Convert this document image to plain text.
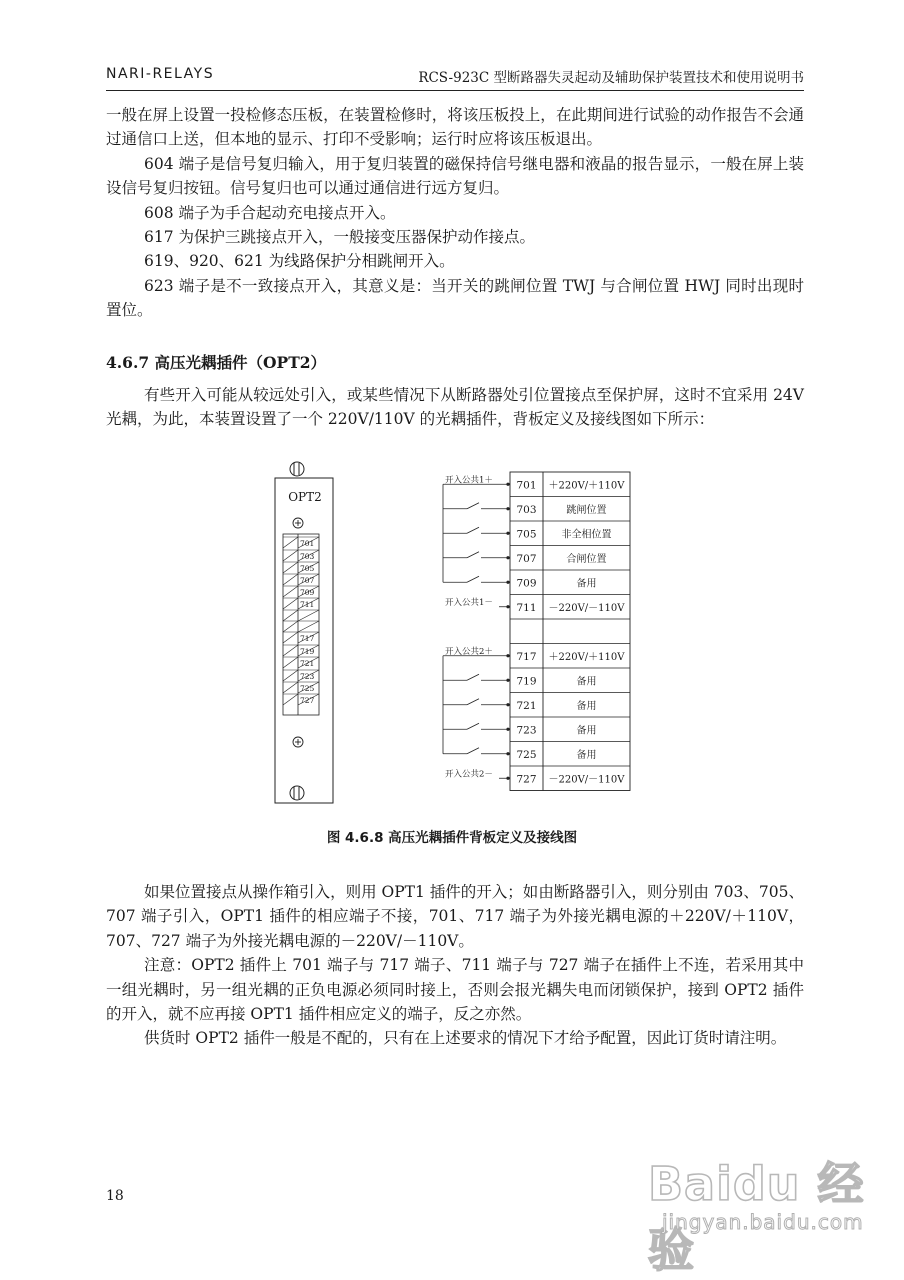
NARI-RELAYS	RCS-923C 型断路器失灵起动及辅助保护装置技术和使用说明书

一般在屏上设置一投检修态压板，在装置检修时，将该压板投上，在此期间进行试验的动作报告不会通过通信口上送，但本地的显示、打印不受影响；运行时应将该压板退出。

604 端子是信号复归输入，用于复归装置的磁保持信号继电器和液晶的报告显示，一般在屏上装设信号复归按钮。信号复归也可以通过通信进行远方复归。

608 端子为手合起动充电接点开入。

617 为保护三跳接点开入，一般接变压器保护动作接点。

619、920、621 为线路保护分相跳闸开入。

623 端子是不一致接点开入，其意义是：当开关的跳闸位置 TWJ 与合闸位置 HWJ 同时出现时置位。

4.6.7 高压光耦插件（OPT2）

有些开入可能从较远处引入，或某些情况下从断路器处引位置接点至保护屏，这时不宜采用 24V 光耦，为此，本装置设置了一个 220V/110V 的光耦插件，背板定义及接线图如下所示：

OPT2
701
703
705
707
709
711
717
719
721
723
725
727
701 ＋220V/＋110V
开入公共1＋
703	跳闸位置
705 非全相位置
707	合闸位置
709	备用
711 －220V/－110V
开入公共1－
717 ＋220V/＋110V
开入公共2＋
719	备用
721	备用
723	备用
725	备用
727 －220V/－110V
开入公共2－

图 4.6.8 高压光耦插件背板定义及接线图

如果位置接点从操作箱引入，则用 OPT1 插件的开入；如由断路器引入，则分别由 703、705、707 端子引入，OPT1 插件的相应端子不接，701、717 端子为外接光耦电源的＋220V/＋110V，707、727 端子为外接光耦电源的－220V/－110V。

注意：OPT2 插件上 701 端子与 717 端子、711 端子与 727 端子在插件上不连，若采用其中一组光耦时，另一组光耦的正负电源必须同时接上，否则会报光耦失电而闭锁保护，接到 OPT2 插件的开入，就不应再接 OPT1 插件相应定义的端子，反之亦然。

供货时 OPT2 插件一般是不配的，只有在上述要求的情况下才给予配置，因此订货时请注明。

18	Baidu 经验
jingyan.baidu.com
